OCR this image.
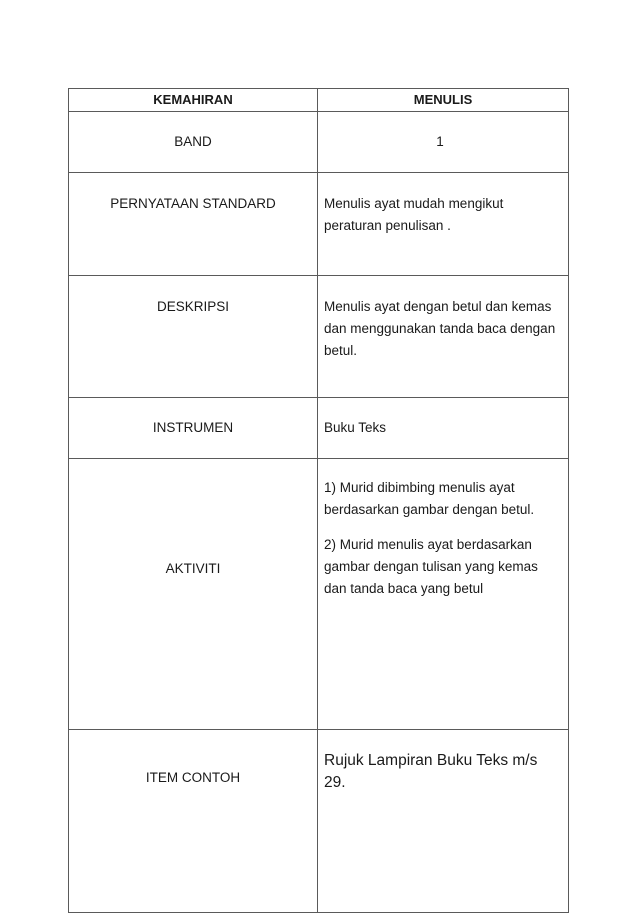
KEMAHIRAN	MENULIS
BAND	1
PERNYATAAN STANDARD	Menulis ayat mudah mengikut peraturan penulisan .
DESKRIPSI	Menulis ayat dengan betul dan kemas dan menggunakan tanda baca dengan betul.
INSTRUMEN	Buku Teks
AKTIVITI	1) Murid dibimbing menulis ayat berdasarkan gambar dengan betul.
2) Murid menulis ayat berdasarkan gambar dengan tulisan yang kemas dan tanda baca yang betul

ITEM CONTOH	Rujuk Lampiran Buku Teks m/s 29.
